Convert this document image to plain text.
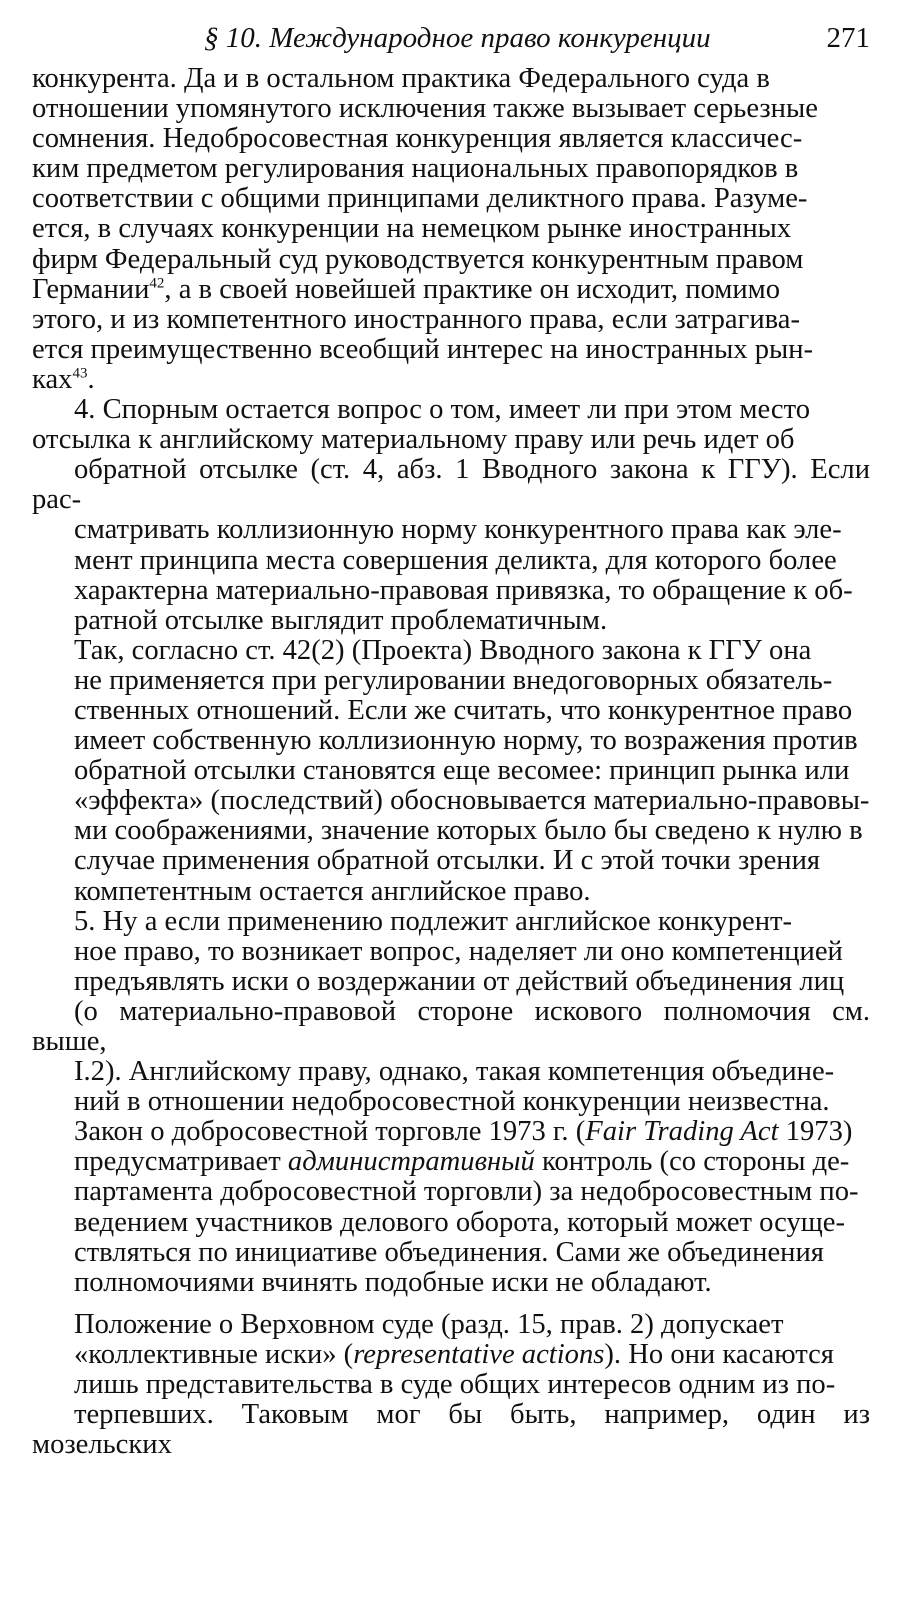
§ 10. Международное право конкуренции	271

конкурента. Да и в остальном практика Федерального суда в
отношении упомянутого исключения также вызывает серьезные
сомнения. Недобросовестная конкуренция является классичес-
ким предметом регулирования национальных правопорядков в
соответствии с общими принципами деликтного права. Разуме-
ется, в случаях конкуренции на немецком рынке иностранных
фирм Федеральный суд руководствуется конкурентным правом
Германии$^{42}$, а в своей новейшей практике он исходит, помимо
этого, и из компетентного иностранного права, если затрагива-
ется преимущественно всеобщий интерес на иностранных рын-
ках$^{43}$.

4. Спорным остается вопрос о том, имеет ли при этом место
отсылка к английскому материальному праву или речь идет об
обратной отсылке (ст. 4, абз. 1 Вводного закона к ГГУ). Если рас-
сматривать коллизионную норму конкурентного права как эле-
мент принципа места совершения деликта, для которого более
характерна материально-правовая привязка, то обращение к об-
ратной отсылке выглядит проблематичным.

Так, согласно ст. 42(2) (Проекта) Вводного закона к ГГУ она
не применяется при регулировании внедоговорных обязатель-
ственных отношений. Если же считать, что конкурентное право
имеет собственную коллизионную норму, то возражения против
обратной отсылки становятся еще весомее: принцип рынка или
«эффекта» (последствий) обосновывается материально-правовы-
ми соображениями, значение которых было бы сведено к нулю в
случае применения обратной отсылки. И с этой точки зрения
компетентным остается английское право.

5. Ну а если применению подлежит английское конкурент-
ное право, то возникает вопрос, наделяет ли оно компетенцией
предъявлять иски о воздержании от действий объединения лиц
(о материально-правовой стороне искового полномочия см. выше,
I.2). Английскому праву, однако, такая компетенция объедине-
ний в отношении недобросовестной конкуренции неизвестна.
Закон о добросовестной торговле 1973 г. (Fair Trading Act 1973)
предусматривает административный контроль (со стороны де-
партамента добросовестной торговли) за недобросовестным по-
ведением участников делового оборота, который может осуще-
ствляться по инициативе объединения. Сами же объединения
полномочиями вчинять подобные иски не обладают.

Положение о Верховном суде (разд. 15, прав. 2) допускает
«коллективные иски» (representative actions). Но они касаются
лишь представительства в суде общих интересов одним из по-
терпевших. Таковым мог бы быть, например, один из мозельских
